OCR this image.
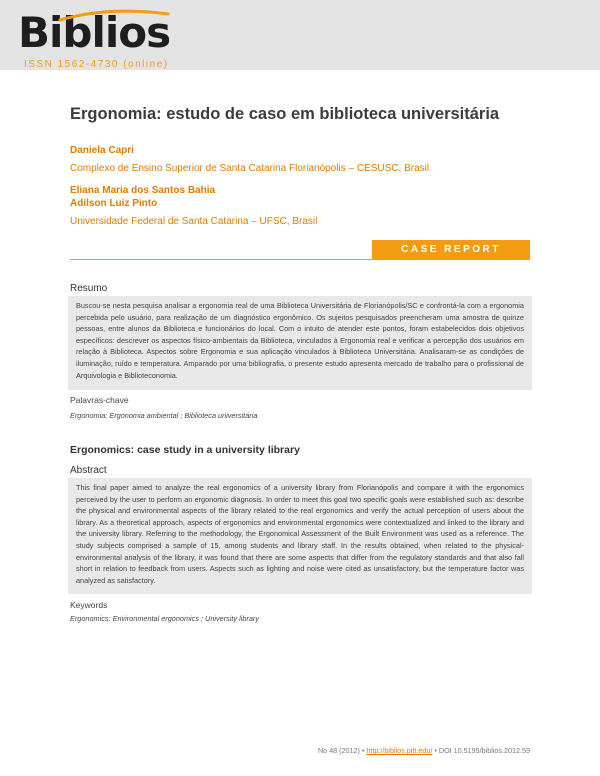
Biblios
ISSN 1562-4730 (online)
Ergonomia: estudo de caso em biblioteca universitária
Daniela Capri
Complexo de Ensino Superior de Santa Catarina Florianópolis – CESUSC, Brasil
Eliana Maria dos Santos Bahia
Adilson Luiz Pinto
Universidade Federal de Santa Catarina – UFSC, Brasil
CASE REPORT
Resumo

Buscou-se nesta pesquisa analisar a ergonomia real de uma Biblioteca Universitária de Florianópolis/SC e confrontá-la com a ergonomia percebida pelo usuário, para realização de um diagnóstico ergonômico. Os sujeitos pesquisados preencheram uma amostra de quinze pessoas, entre alunos da Biblioteca e funcionários do local. Com o intuito de atender este pontos, foram estabelecidos dois objetivos específicos: descrever os aspectos físico-ambientais da Biblioteca, vinculados à Ergonomia real e verificar a percepção dos usuários em relação à Biblioteca. Aspectos sobre Ergonomia e sua aplicação vinculados à Biblioteca Universitária. Analisaram-se as condições de iluminação, ruído e temperatura. Amparado por uma bibliografia, o presente estudo apresenta mercado de trabalho para o profissional de Arquivologia e Biblioteconomia.

Palavras-chave
Ergonomia; Ergonomia ambiental ; Biblioteca universitária
Ergonomics: case study in a university library
Abstract

This final paper aimed to analyze the real ergonomics of a university library from Florianópolis and compare it with the ergonomics perceived by the user to perform an ergonomic diagnosis. In order to meet this goal two specific goals were established such as: describe the physical and environmental aspects of the library related to the real ergonomics and verify the actual perception of users about the library. As a theoretical approach, aspects of ergonomics and environmental ergonomics were contextualized and linked to the library and the university library. Referring to the methodology, the Ergonomical Assessment of the Built Environment was used as a reference. The study subjects comprised a sample of 15, among students and library staff. In the results obtained, when related to the physical-environmental analysis of the library, it was found that there are some aspects that differ from the regulatory standards and that also fall short in relation to feedback from users. Aspects such as lighting and noise were cited as unsatisfactory, but the temperature factor was analyzed as satisfactory.

Keywords
Ergonomics; Environmental ergonomics ; University library
No 48 (2012) • http://biblios.pitt.edu/ • DOI 10.5195/biblios.2012.59
